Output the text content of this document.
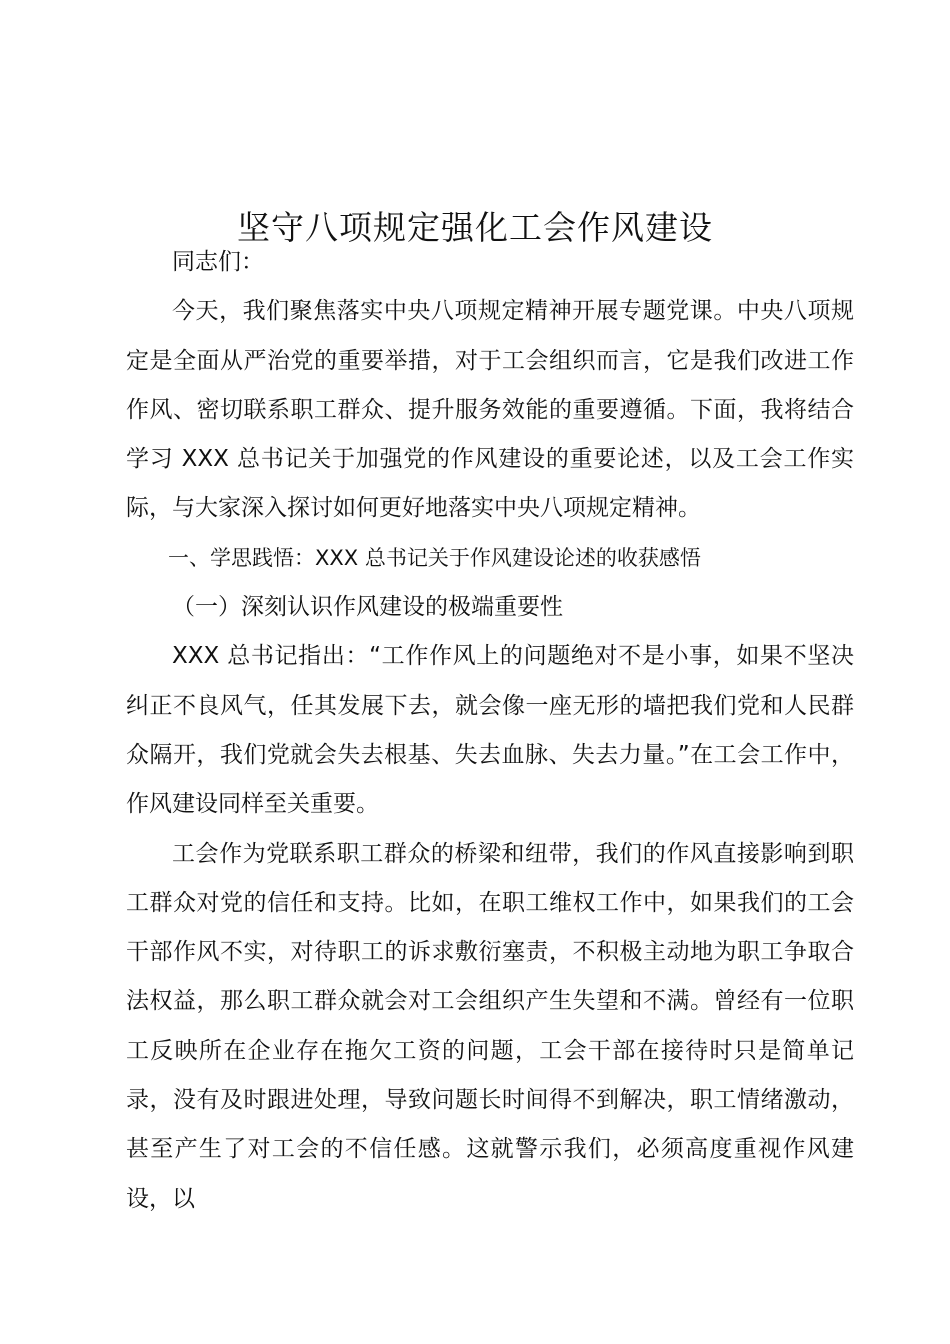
坚守八项规定强化工会作风建设

同志们：

今天，我们聚焦落实中央八项规定精神开展专题党课。中央八项规定是全面从严治党的重要举措，对于工会组织而言，它是我们改进工作作风、密切联系职工群众、提升服务效能的重要遵循。下面，我将结合学习 XXX 总书记关于加强党的作风建设的重要论述，以及工会工作实际，与大家深入探讨如何更好地落实中央八项规定精神。

一、学思践悟：XXX 总书记关于作风建设论述的收获感悟

（一）深刻认识作风建设的极端重要性

XXX 总书记指出：“工作作风上的问题绝对不是小事，如果不坚决纠正不良风气，任其发展下去，就会像一座无形的墙把我们党和人民群众隔开，我们党就会失去根基、失去血脉、失去力量。”在工会工作中，作风建设同样至关重要。

工会作为党联系职工群众的桥梁和纽带，我们的作风直接影响到职工群众对党的信任和支持。比如，在职工维权工作中，如果我们的工会干部作风不实，对待职工的诉求敷衍塞责，不积极主动地为职工争取合法权益，那么职工群众就会对工会组织产生失望和不满。曾经有一位职工反映所在企业存在拖欠工资的问题，工会干部在接待时只是简单记录，没有及时跟进处理，导致问题长时间得不到解决，职工情绪激动，甚至产生了对工会的不信任感。这就警示我们，必须高度重视作风建设，以
